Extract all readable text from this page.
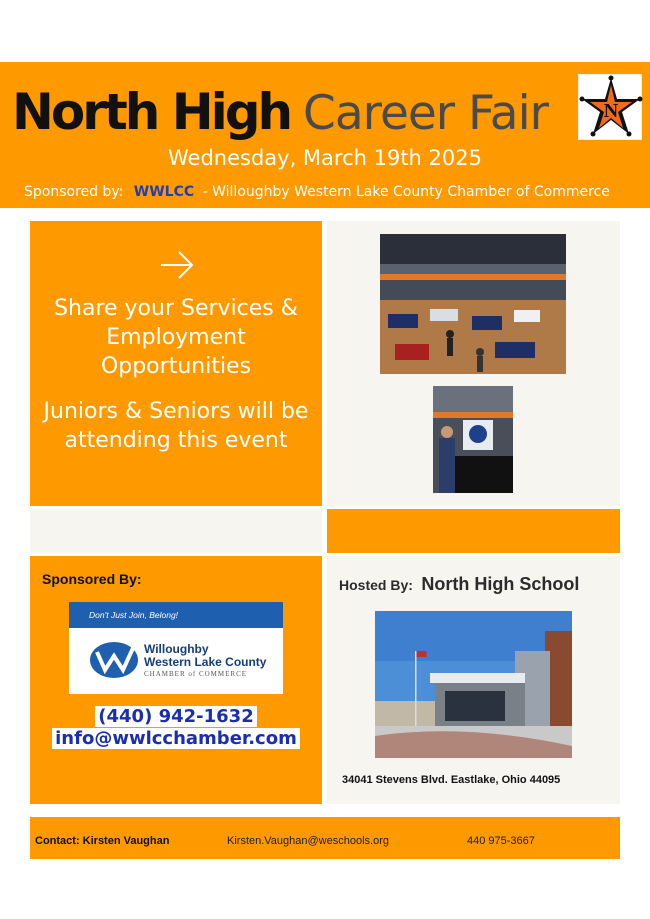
North High Career Fair
Wednesday, March 19th 2025
Sponsored by: WWLCC - Willoughby Western Lake County Chamber of Commerce
N
Share your Services & Employment Opportunities
Juniors & Seniors will be attending this event
Sponsored By:
Don't Just Join, Belong!
Willoughby
Western Lake County
CHAMBER of COMMERCE
(440) 942-1632
info@wwlcchamber.com
Hosted By: North High School
34041 Stevens Blvd. Eastlake, Ohio 44095
Contact: Kirsten Vaughan	Kirsten.Vaughan@weschools.org	440 975-3667
